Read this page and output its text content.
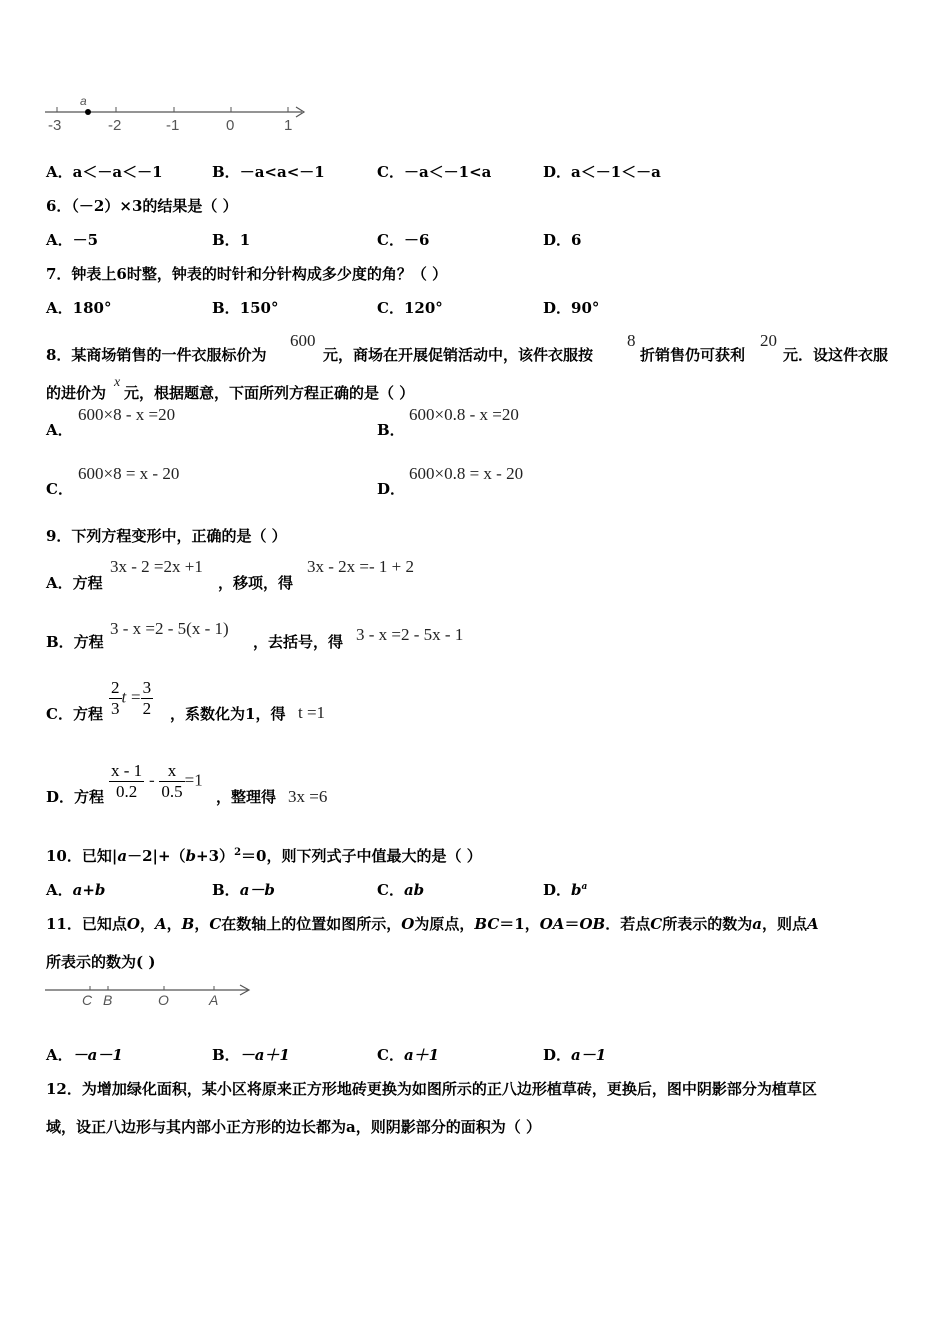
a
-3	-2	-1	0	1
A．a＜－a＜－1	B．－a<a<－1	C．－a＜－1<a	D．a＜－1＜－a
6．（－2）×3的结果是（ ）
A．－5	B．1	C．－6	D．6
7．钟表上6时整，钟表的时针和分针构成多少度的角？（ ）
A．180°	B．150°	C．120°	D．90°
8．某商场销售的一件衣服标价为
600
元，商场在开展促销活动中，该件衣服按
8
折销售仍可获利
20
元．设这件衣服
的进价为
x
元，根据题意，下面所列方程正确的是（ ）
A．
600×8 - x =20
B．
600×0.8 - x =20
C．
600×8 = x - 20
D．
600×0.8 = x - 20
9．下列方程变形中，正确的是（ ）
A．方程
3x - 2 =2x +1
，移项，得
3x - 2x =- 1 + 2
B．方程
3 - x =2 - 5(x - 1)
，去括号，得 3 - x =2 - 5x - 1
C．方程 $\frac{2}{3}$ $t = \frac{3}{2}$ ，系数化为1，得 t =1
D．方程 $\frac{x - 1}{0.2} - \frac{x}{0.5} =1$
，整理得 3x =6
10．已知$|a-2|+(b+3)^2=0$，则下列式子中值最大的是（ ）
A．a+b	B．a－b	C．ab	D．$b^a$
11．已知点O，A，B，C在数轴上的位置如图所示，O为原点，BC＝1，OA＝OB．若点C所表示的数为a，则点A
所表示的数为( )
C B	O	A
A．－a－1	B．－a＋1	C．a＋1	D．a－1
12．为增加绿化面积，某小区将原来正方形地砖更换为如图所示的正八边形植草砖，更换后，图中阴影部分为植草区
域，设正八边形与其内部小正方形的边长都为a，则阴影部分的面积为（ ）
